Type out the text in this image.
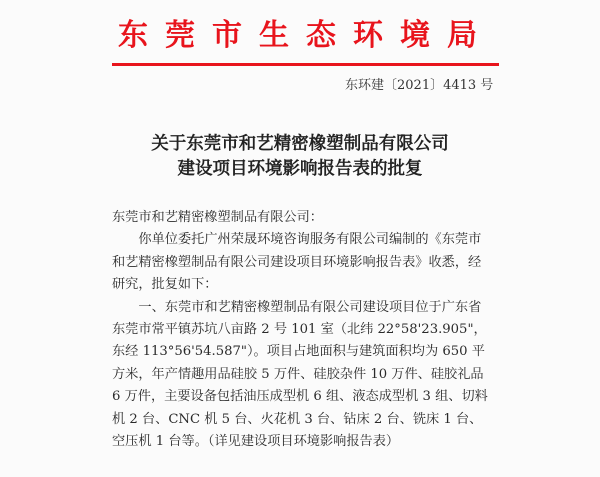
东莞市生态环境局
东环建〔2021〕4413 号
关于东莞市和艺精密橡塑制品有限公司
建设项目环境影响报告表的批复

东莞市和艺精密橡塑制品有限公司：

你单位委托广州荣晟环境咨询服务有限公司编制的《东莞市和艺精密橡塑制品有限公司建设项目环境影响报告表》收悉，经研究，批复如下：

一、东莞市和艺精密橡塑制品有限公司建设项目位于广东省东莞市常平镇苏坑八亩路 2 号 101 室（北纬 22°58'23.905"，东经 113°56'54.587"）。项目占地面积与建筑面积均为 650 平方米，年产情趣用品硅胶 5 万件、硅胶杂件 10 万件、硅胶礼品 6 万件，主要设备包括油压成型机 6 组、液态成型机 3 组、切料机 2 台、CNC 机 5 台、火花机 3 台、钻床 2 台、铣床 1 台、空压机 1 台等。（详见建设项目环境影响报告表）
